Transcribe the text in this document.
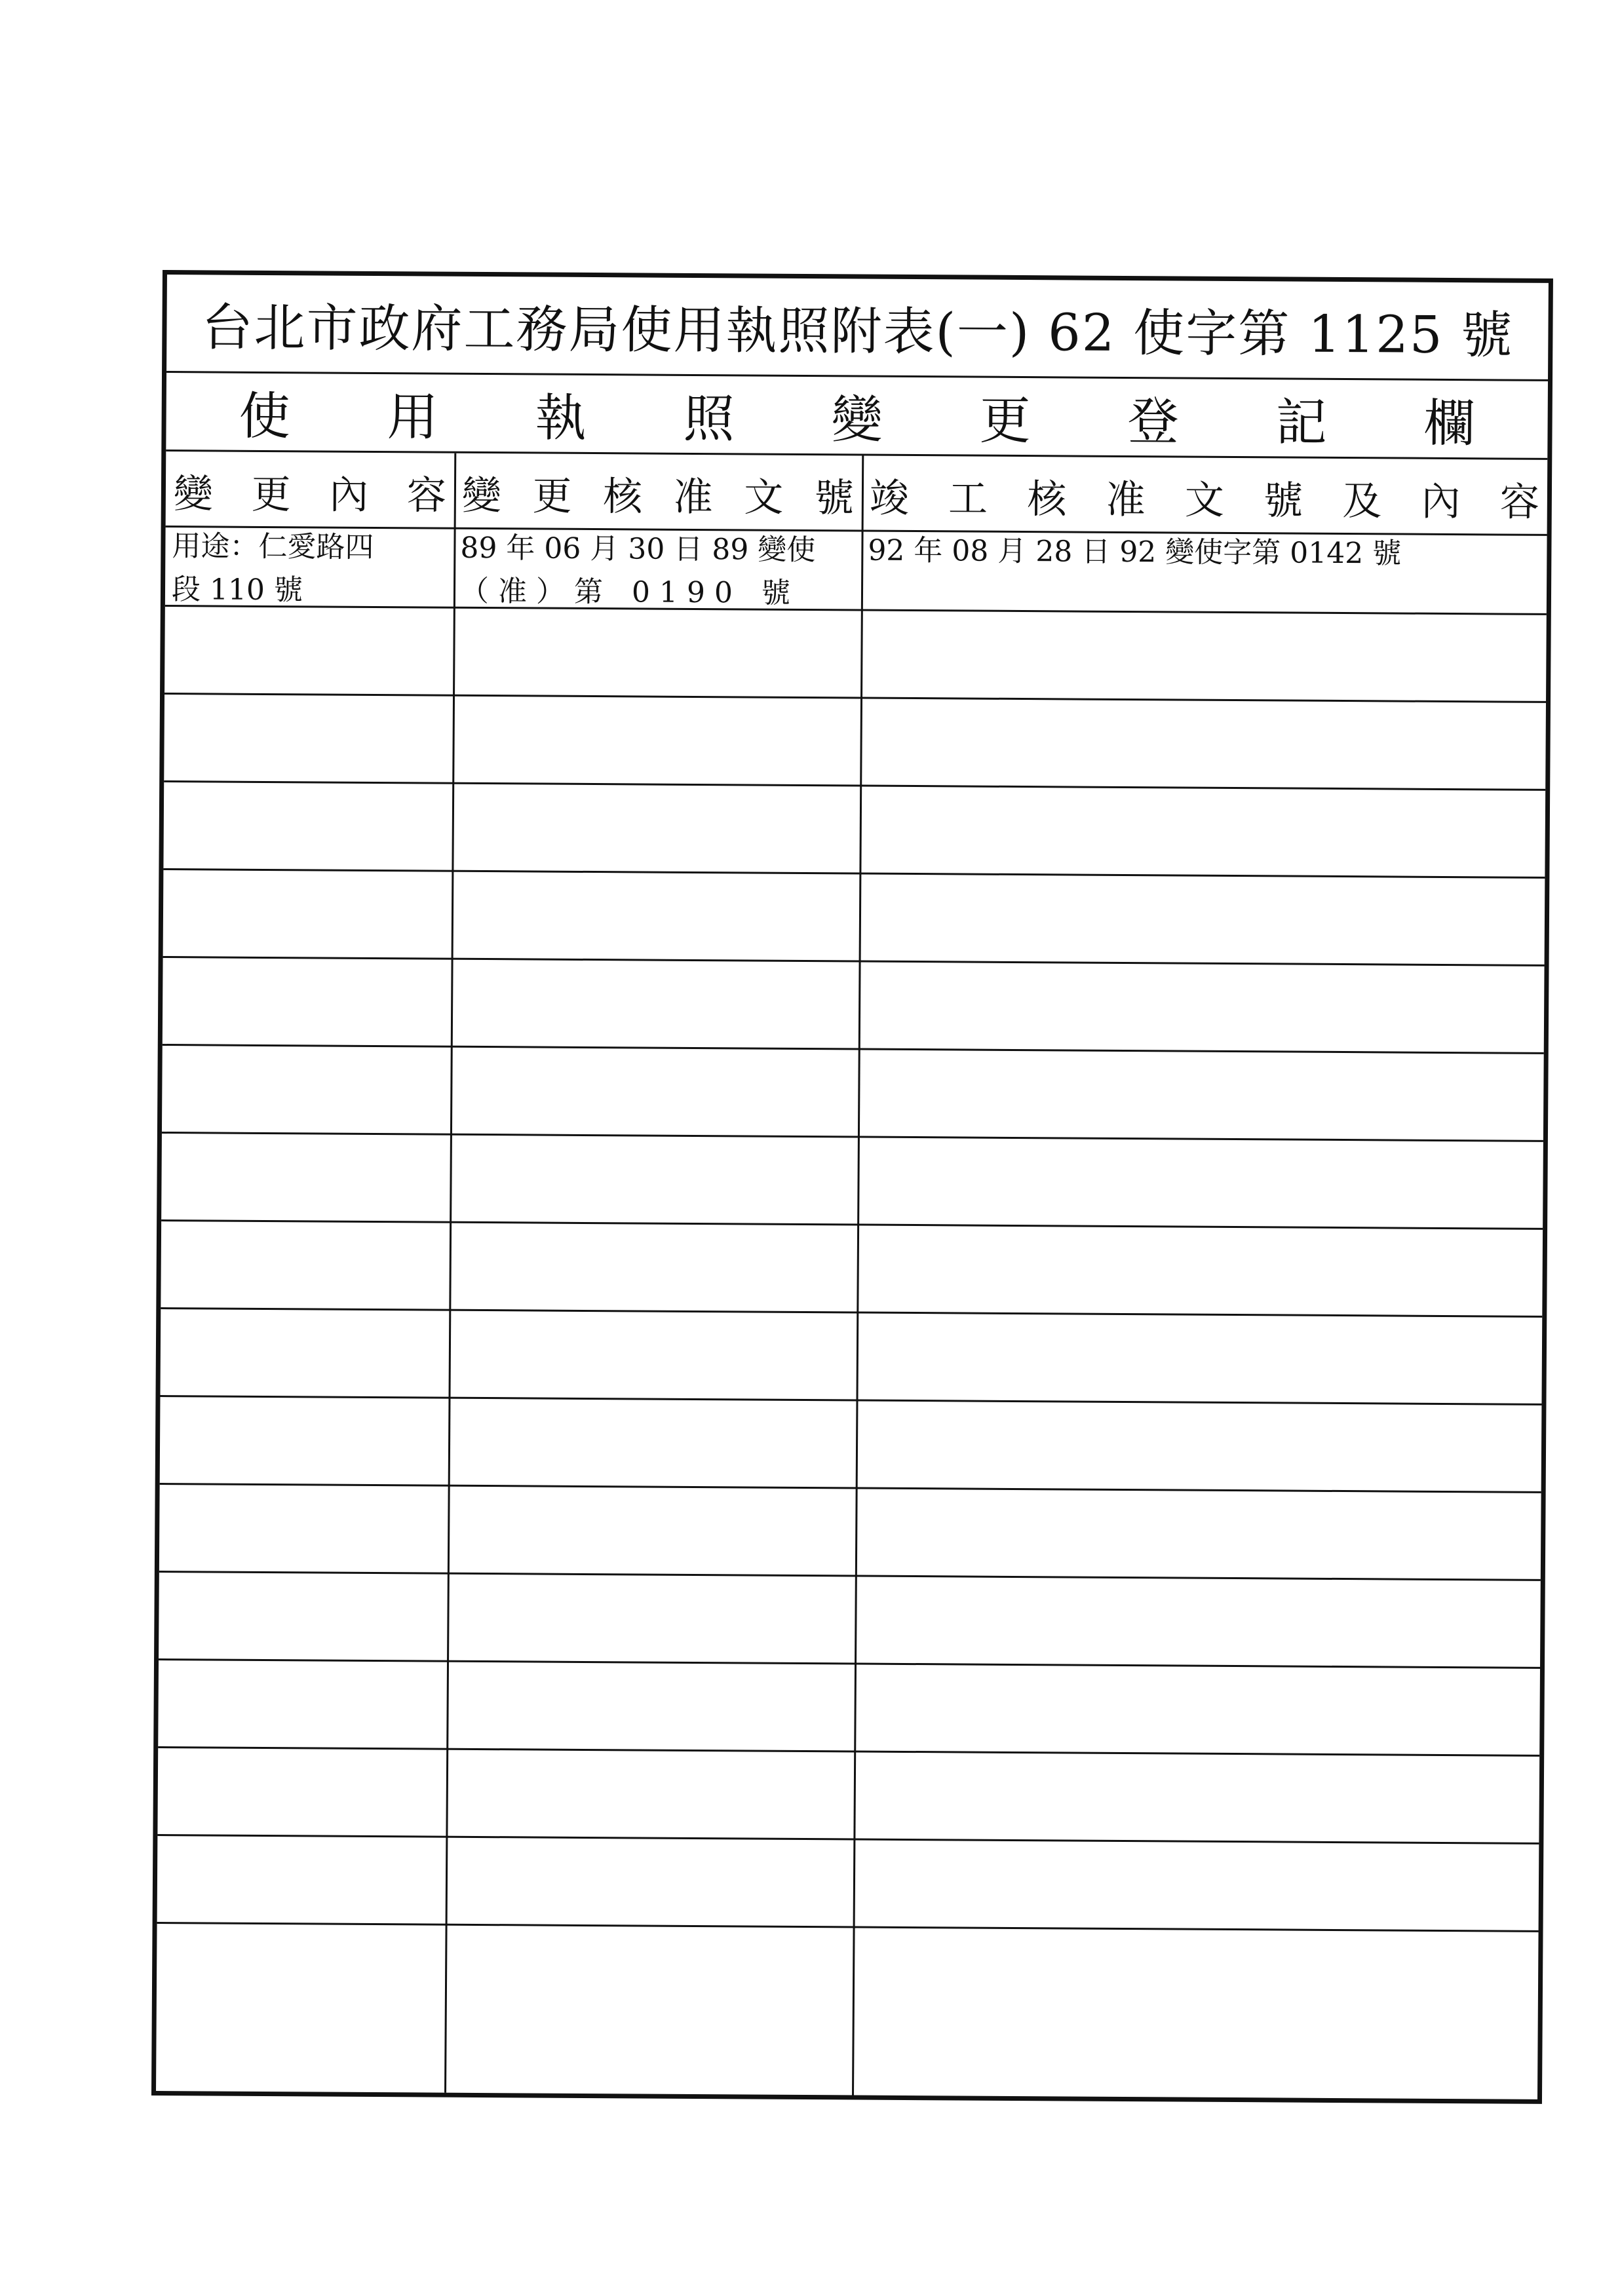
台北市政府工務局使用執照附表(一) 62 使字第 1125 號
使用執照變更登記欄
變 更 內 容 變 更 核 准 文 號 竣 工 核 准 文 號 及 內 容
用途：仁愛路四
段 110 號
89 年 06 月 30 日 89 變使
（ 准 ） 第　0 1 9 0　號
92 年 08 月 28 日 92 變使字第 0142 號
